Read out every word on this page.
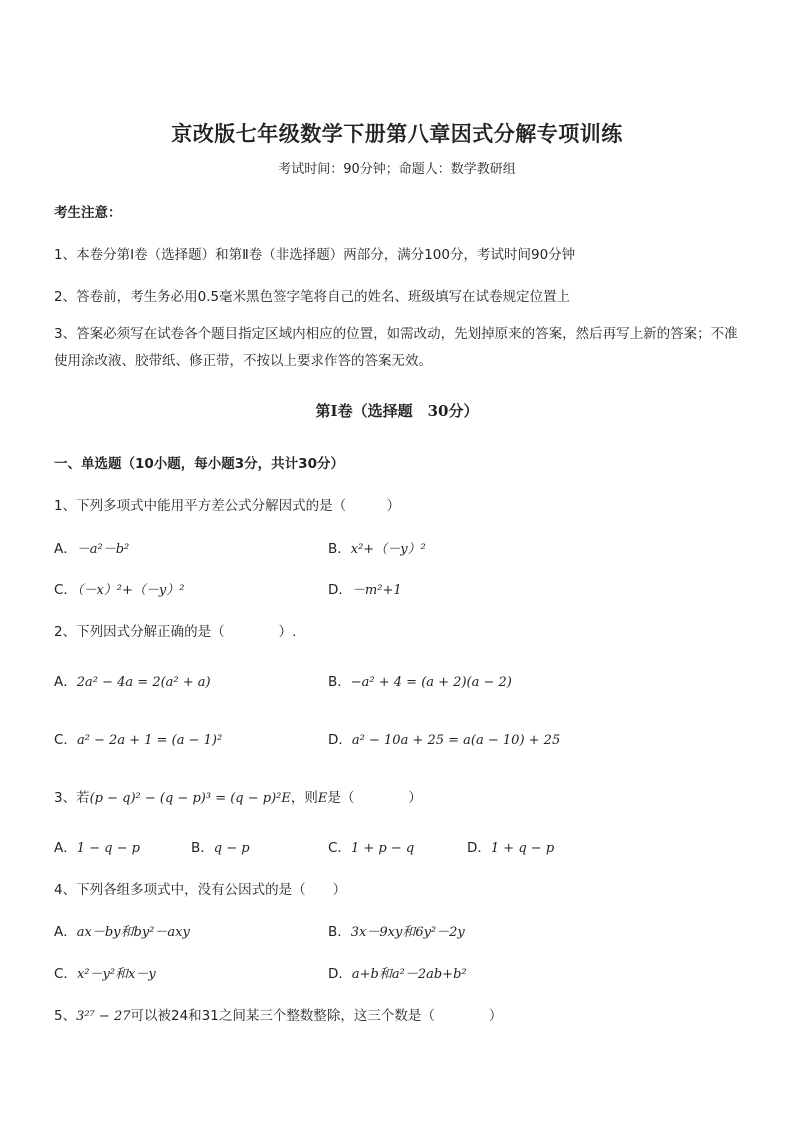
京改版七年级数学下册第八章因式分解专项训练
考试时间：90分钟；命题人：数学教研组
考生注意：
1、本卷分第Ⅰ卷（选择题）和第Ⅱ卷（非选择题）两部分，满分100分，考试时间90分钟
2、答卷前，考生务必用0.5毫米黑色签字笔将自己的姓名、班级填写在试卷规定位置上
3、答案必须写在试卷各个题目指定区域内相应的位置，如需改动，先划掉原来的答案，然后再写上新的答案；不准使用涂改液、胶带纸、修正带，不按以上要求作答的答案无效。
第Ⅰ卷（选择题　30分）
一、单选题（10小题，每小题3分，共计30分）
1、下列多项式中能用平方差公式分解因式的是（　　　）
A．－a²－b²	B．x²+（－y）²
C．（－x）²+（－y）²	D．－m²+1
2、下列因式分解正确的是（　　　　）.
A．2a² − 4a = 2(a² + a)	B．−a² + 4 = (a + 2)(a − 2)
C．a² − 2a + 1 = (a − 1)²	D．a² − 10a + 25 = a(a − 10) + 25
3、若(p − q)² − (q − p)³ = (q − p)²E，则E是（　　　　）
A．1 − q − p	B．q − p	C．1 + p − q	D．1 + q − p
4、下列各组多项式中，没有公因式的是（　　）
A．ax－by和by²－axy	B．3x－9xy和6y²－2y
C．x²－y²和x－y	D．a+b和a²－2ab+b²
5、3²⁷ − 27可以被24和31之间某三个整数整除，这三个数是（　　　　）
